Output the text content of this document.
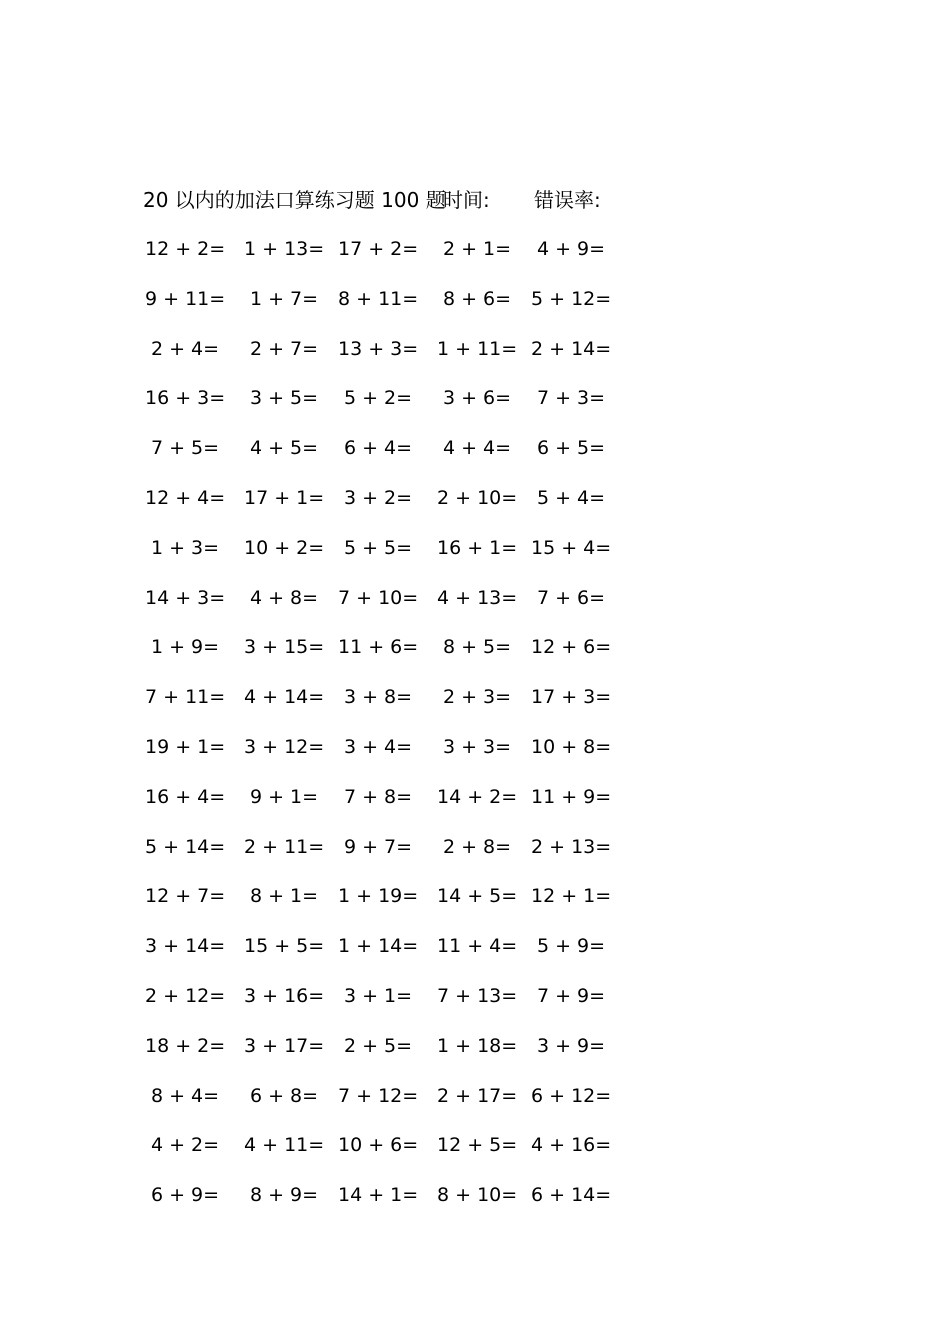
20 以内的加法口算练习题 100 题
时间: 错误率:
12 + 2= 1 + 13= 17 + 2=	2 + 1=	4 + 9=
9 + 11=	1 + 7=	8 + 11=	8 + 6=	5 + 12=
2 + 4=	2 + 7=	13 + 3= 1 + 11= 2 + 14=
16 + 3=	3 + 5=	5 + 2=	3 + 6=	7 + 3=
7 + 5=	4 + 5=	6 + 4=	4 + 4=	6 + 5=
12 + 4= 17 + 1=	3 + 2=	2 + 10=	5 + 4=
1 + 3=	10 + 2=	5 + 5=	16 + 1= 15 + 4=
14 + 3=	4 + 8=	7 + 10= 4 + 13=	7 + 6=
1 + 9=	3 + 15= 11 + 6=	8 + 5=	12 + 6=
7 + 11= 4 + 14=	3 + 8=	2 + 3=	17 + 3=
19 + 1= 3 + 12=	3 + 4=	3 + 3=	10 + 8=
16 + 4=	9 + 1=	7 + 8=	14 + 2= 11 + 9=
5 + 14= 2 + 11=	9 + 7=	2 + 8=	2 + 13=
12 + 7=	8 + 1=	1 + 19= 14 + 5= 12 + 1=
3 + 14= 15 + 5= 1 + 14= 11 + 4=	5 + 9=
2 + 12= 3 + 16=	3 + 1=	7 + 13=	7 + 9=
18 + 2= 3 + 17=	2 + 5=	1 + 18=	3 + 9=
8 + 4=	6 + 8=	7 + 12= 2 + 17= 6 + 12=
4 + 2=	4 + 11= 10 + 6= 12 + 5= 4 + 16=
6 + 9=	8 + 9=	14 + 1= 8 + 10= 6 + 14=
